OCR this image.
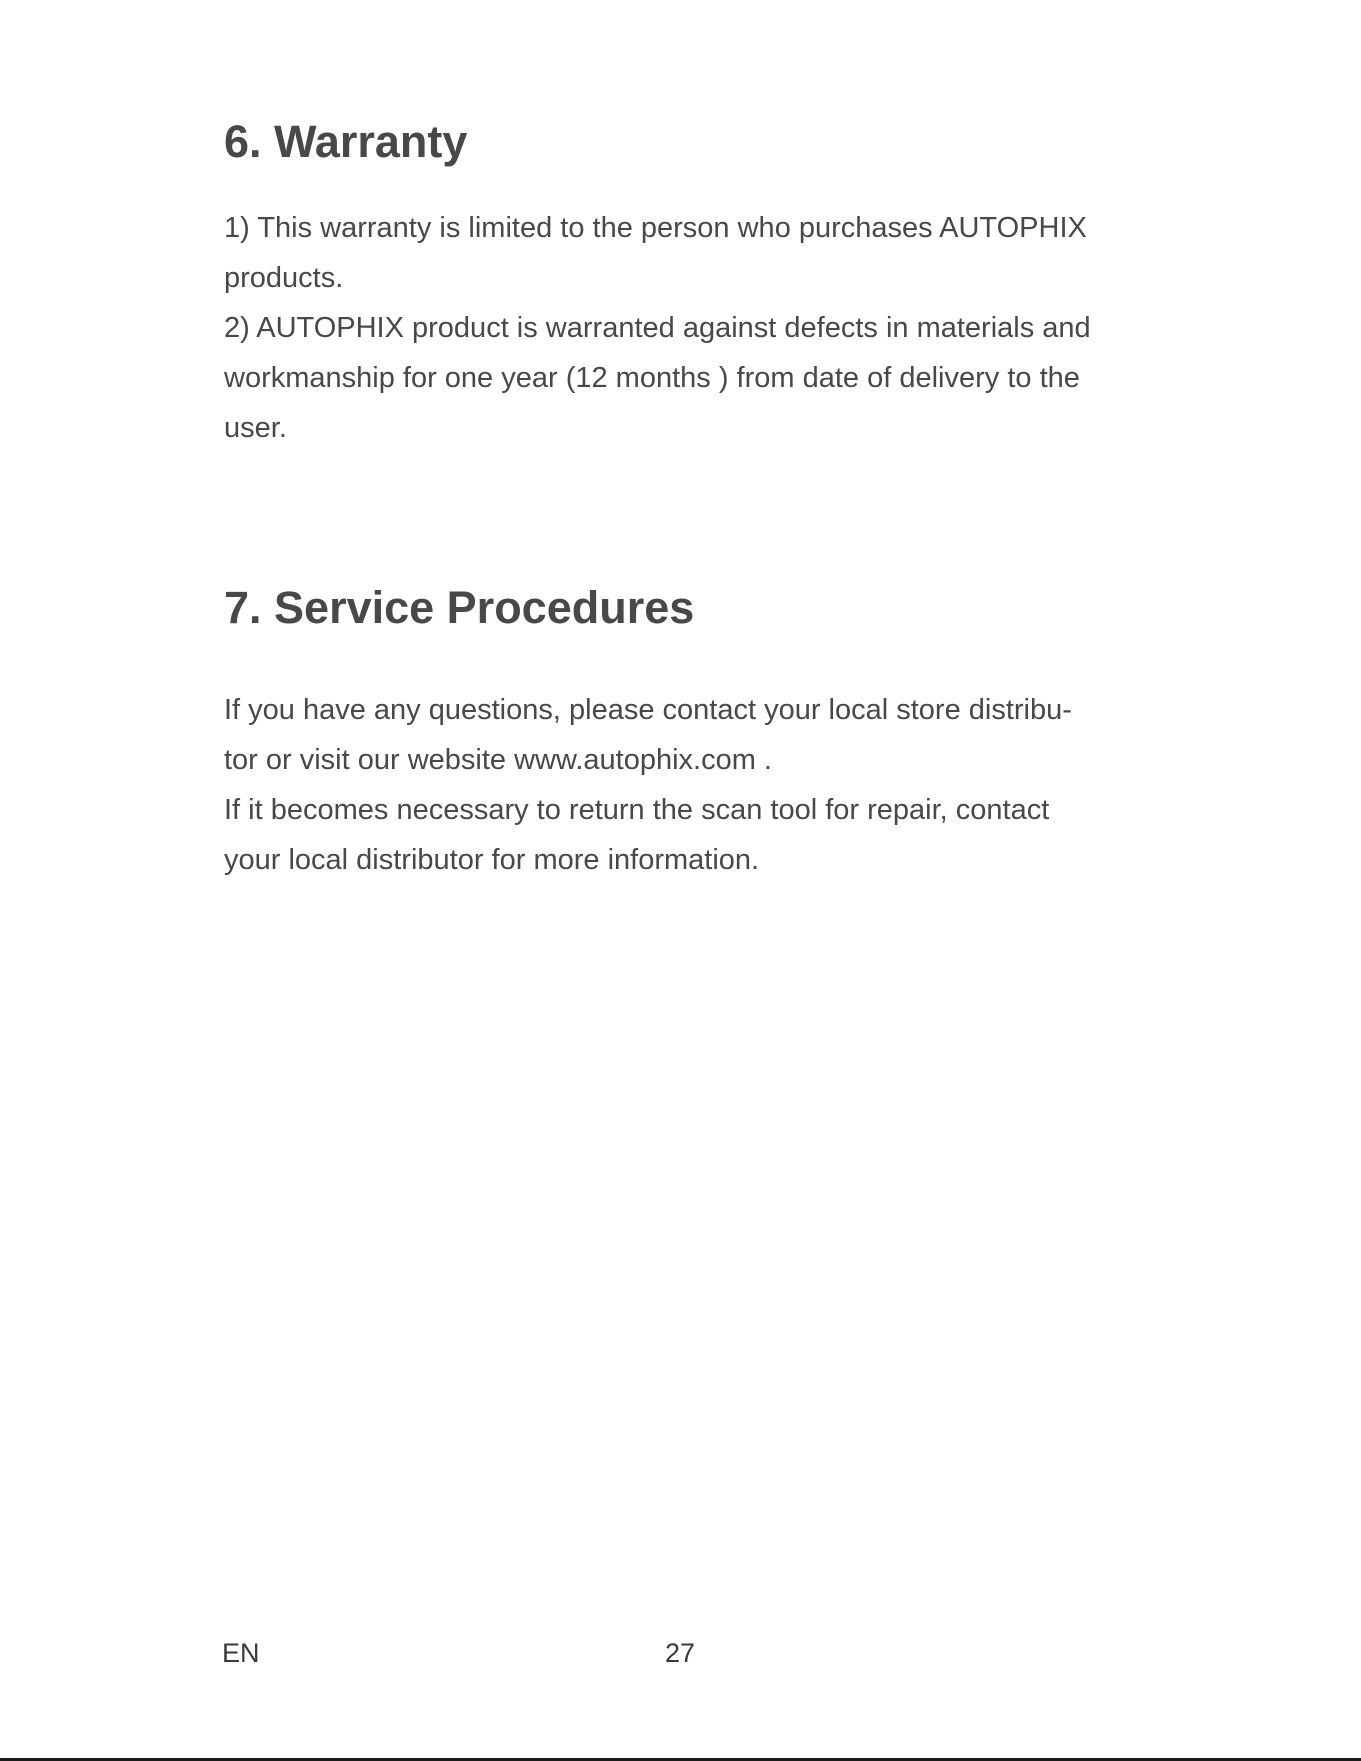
6. Warranty
1) This warranty is limited to the person who purchases AUTOPHIX
products.
2) AUTOPHIX product is warranted against defects in materials and
workmanship for one year (12 months ) from date of delivery to the
user.
7. Service Procedures
If you have any questions, please contact your local store distribu-
tor or visit our website www.autophix.com .
If it becomes necessary to return the scan tool for repair, contact
your local distributor for more information.
EN	27
